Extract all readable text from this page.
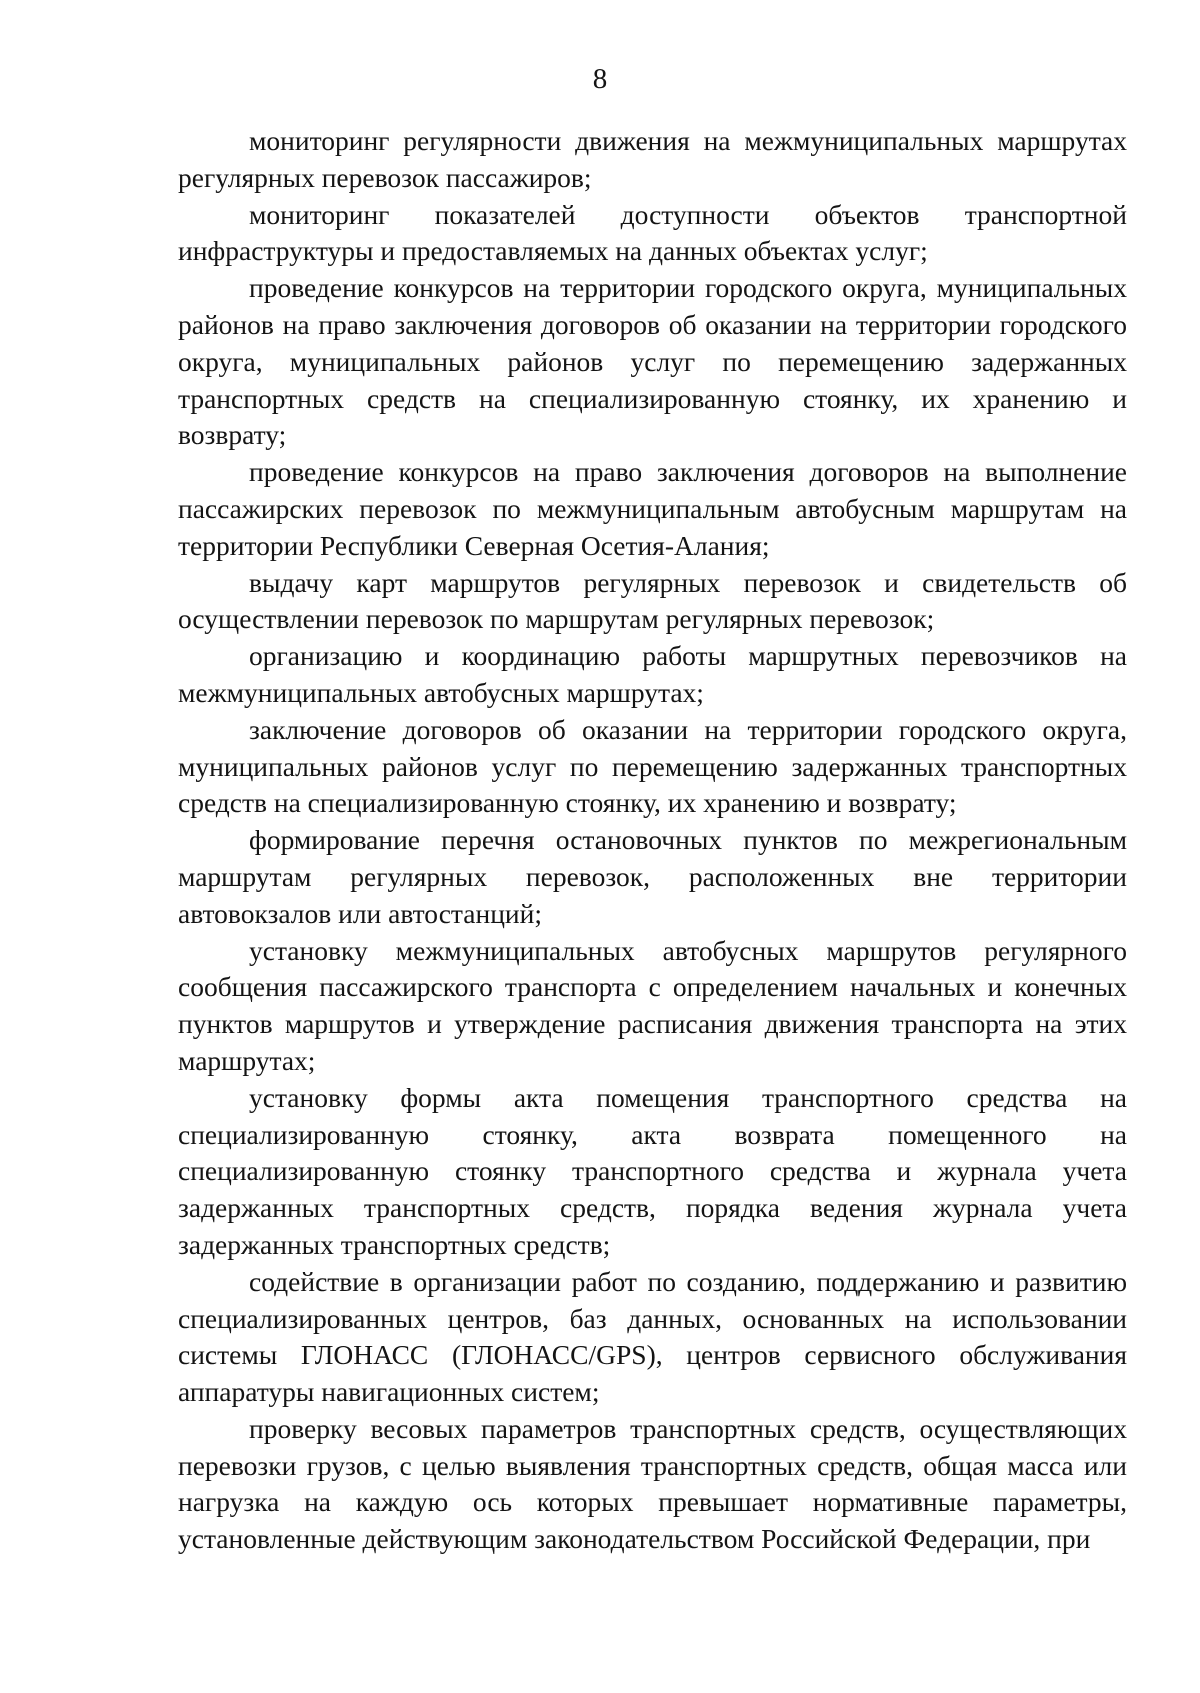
8

мониторинг регулярности движения на межмуниципальных маршрутах регулярных перевозок пассажиров;

мониторинг показателей доступности объектов транспортной инфраструктуры и предоставляемых на данных объектах услуг;

проведение конкурсов на территории городского округа, муниципальных районов на право заключения договоров об оказании на территории городского округа, муниципальных районов услуг по перемещению задержанных транспортных средств на специализированную стоянку, их хранению и возврату;

проведение конкурсов на право заключения договоров на выполнение пассажирских перевозок по межмуниципальным автобусным маршрутам на территории Республики Северная Осетия-Алания;

выдачу карт маршрутов регулярных перевозок и свидетельств об осуществлении перевозок по маршрутам регулярных перевозок;

организацию и координацию работы маршрутных перевозчиков на межмуниципальных автобусных маршрутах;

заключение договоров об оказании на территории городского округа, муниципальных районов услуг по перемещению задержанных транспортных средств на специализированную стоянку, их хранению и возврату;

формирование перечня остановочных пунктов по межрегиональным маршрутам регулярных перевозок, расположенных вне территории автовокзалов или автостанций;

установку межмуниципальных автобусных маршрутов регулярного сообщения пассажирского транспорта с определением начальных и конечных пунктов маршрутов и утверждение расписания движения транспорта на этих маршрутах;

установку формы акта помещения транспортного средства на специализированную стоянку, акта возврата помещенного на специализированную стоянку транспортного средства и журнала учета задержанных транспортных средств, порядка ведения журнала учета задержанных транспортных средств;

содействие в организации работ по созданию, поддержанию и развитию специализированных центров, баз данных, основанных на использовании системы ГЛОНАСС (ГЛОНАСС/GPS), центров сервисного обслуживания аппаратуры навигационных систем;

проверку весовых параметров транспортных средств, осуществляющих перевозки грузов, с целью выявления транспортных средств, общая масса или нагрузка на каждую ось которых превышает нормативные параметры, установленные действующим законодательством Российской Федерации, при
